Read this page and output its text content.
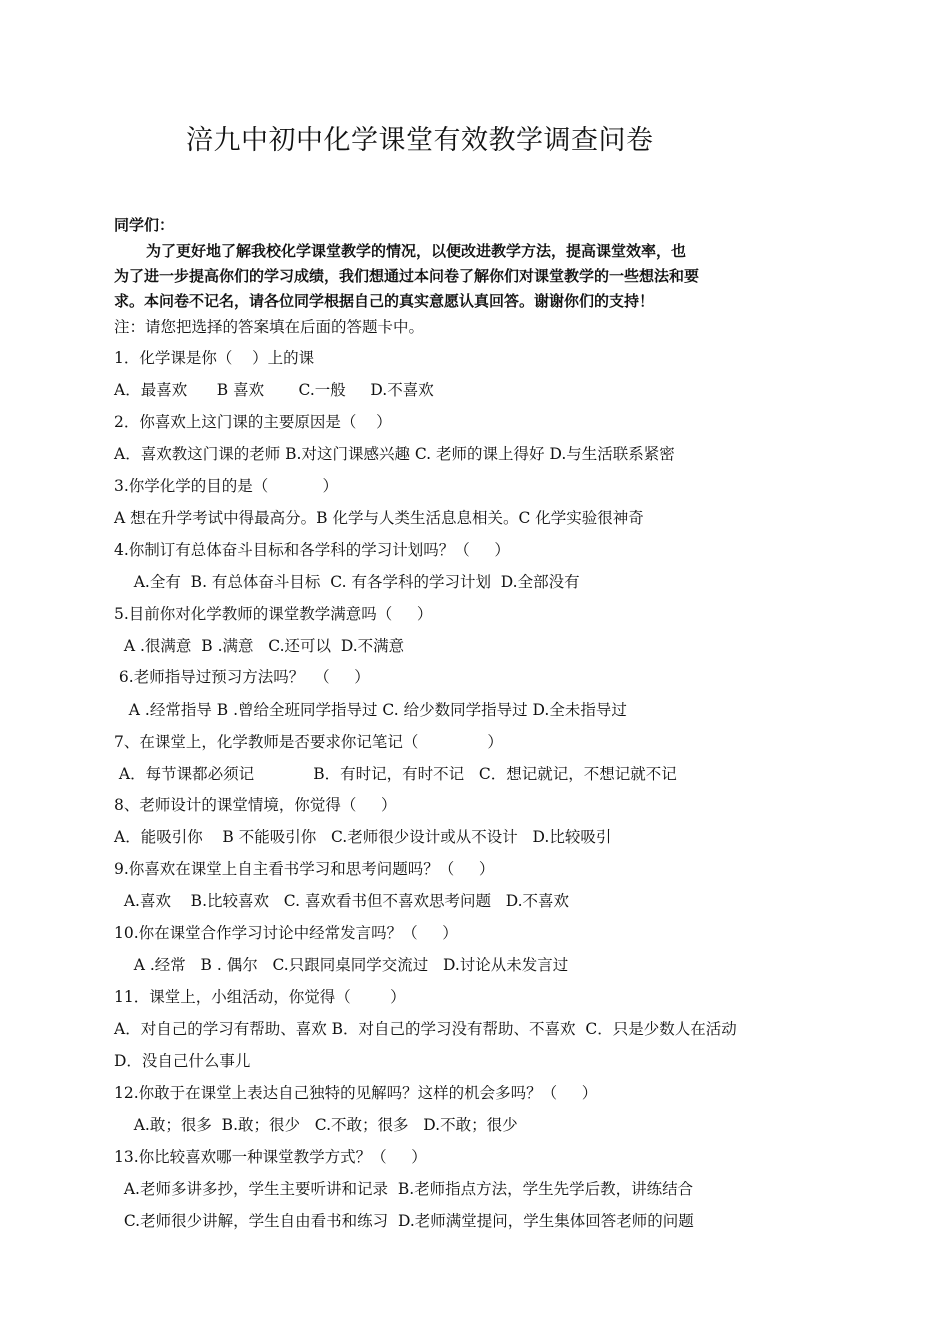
涪九中初中化学课堂有效教学调查问卷
同学们：
为了更好地了解我校化学课堂教学的情况，以便改进教学方法，提高课堂效率，也
为了进一步提高你们的学习成绩，我们想通过本问卷了解你们对课堂教学的一些想法和要
求。本问卷不记名，请各位同学根据自己的真实意愿认真回答。谢谢你们的支持！
注：请您把选择的答案填在后面的答题卡中。
1．化学课是你（    ）上的课
A．最喜欢      B 喜欢       C.一般     D.不喜欢
2．你喜欢上这门课的主要原因是（    ）
A．喜欢教这门课的老师 B.对这门课感兴趣 C. 老师的课上得好 D.与生活联系紧密
3.你学化学的目的是（           ）
A 想在升学考试中得最高分。B 化学与人类生活息息相关。C 化学实验很神奇
4.你制订有总体奋斗目标和各学科的学习计划吗？（     ）
A.全有  B. 有总体奋斗目标  C. 有各学科的学习计划  D.全部没有
5.目前你对化学教师的课堂教学满意吗（     ）
A .很满意  B .满意   C.还可以  D.不满意
6.老师指导过预习方法吗？  （     ）
A .经常指导 B .曾给全班同学指导过 C. 给少数同学指导过 D.全未指导过
7、在课堂上，化学教师是否要求你记笔记（              ）
A．每节课都必须记            B．有时记，有时不记   C．想记就记，不想记就不记
8、老师设计的课堂情境，你觉得（     ）
A．能吸引你    B 不能吸引你   C.老师很少设计或从不设计   D.比较吸引
9.你喜欢在课堂上自主看书学习和思考问题吗？（     ）
A.喜欢    B.比较喜欢   C. 喜欢看书但不喜欢思考问题   D.不喜欢
10.你在课堂合作学习讨论中经常发言吗？（     ）
A .经常   B . 偶尔   C.只跟同桌同学交流过   D.讨论从未发言过
11．课堂上，小组活动，你觉得（        ）
A．对自己的学习有帮助、喜欢 B．对自己的学习没有帮助、不喜欢  C．只是少数人在活动
D．没自己什么事儿
12.你敢于在课堂上表达自己独特的见解吗？这样的机会多吗？（     ）
A.敢；很多  B.敢；很少   C.不敢；很多   D.不敢；很少
13.你比较喜欢哪一种课堂教学方式？（     ）
A.老师多讲多抄，学生主要听讲和记录  B.老师指点方法，学生先学后教，讲练结合
C.老师很少讲解，学生自由看书和练习  D.老师满堂提问，学生集体回答老师的问题
